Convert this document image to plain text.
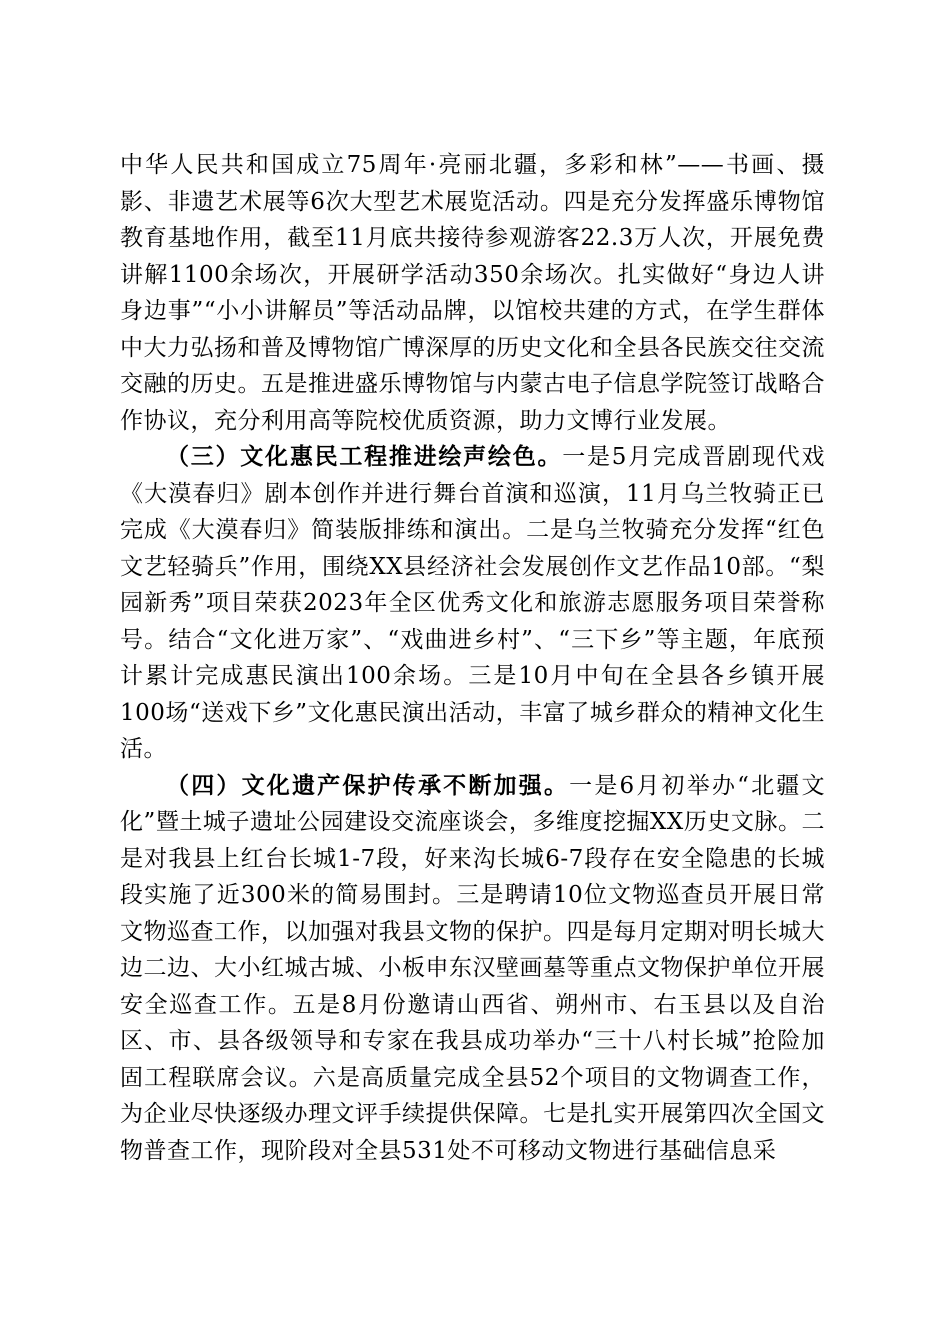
中华人民共和国成立75周年·亮丽北疆，多彩和林”——书画、摄影、非遗艺术展等6次大型艺术展览活动。四是充分发挥盛乐博物馆教育基地作用，截至11月底共接待参观游客22.3万人次，开展免费讲解1100余场次，开展研学活动350余场次。扎实做好“身边人讲身边事”“小小讲解员”等活动品牌，以馆校共建的方式，在学生群体中大力弘扬和普及博物馆广博深厚的历史文化和全县各民族交往交流交融的历史。五是推进盛乐博物馆与内蒙古电子信息学院签订战略合作协议，充分利用高等院校优质资源，助力文博行业发展。

（三）文化惠民工程推进绘声绘色。一是5月完成晋剧现代戏《大漠春归》剧本创作并进行舞台首演和巡演，11月乌兰牧骑正已完成《大漠春归》简装版排练和演出。二是乌兰牧骑充分发挥“红色文艺轻骑兵”作用，围绕XX县经济社会发展创作文艺作品10部。“梨园新秀”项目荣获2023年全区优秀文化和旅游志愿服务项目荣誉称号。结合“文化进万家”、“戏曲进乡村”、“三下乡”等主题，年底预计累计完成惠民演出100余场。三是10月中旬在全县各乡镇开展100场“送戏下乡”文化惠民演出活动，丰富了城乡群众的精神文化生活。

（四）文化遗产保护传承不断加强。一是6月初举办“北疆文化”暨土城子遗址公园建设交流座谈会，多维度挖掘XX历史文脉。二是对我县上红台长城1-7段，好来沟长城6-7段存在安全隐患的长城段实施了近300米的简易围封。三是聘请10位文物巡查员开展日常文物巡查工作，以加强对我县文物的保护。四是每月定期对明长城大边二边、大小红城古城、小板申东汉壁画墓等重点文物保护单位开展安全巡查工作。五是8月份邀请山西省、朔州市、右玉县以及自治区、市、县各级领导和专家在我县成功举办“三十八村长城”抢险加固工程联席会议。六是高质量完成全县52个项目的文物调查工作，为企业尽快逐级办理文评手续提供保障。七是扎实开展第四次全国文物普查工作，现阶段对全县531处不可移动文物进行基础信息采
